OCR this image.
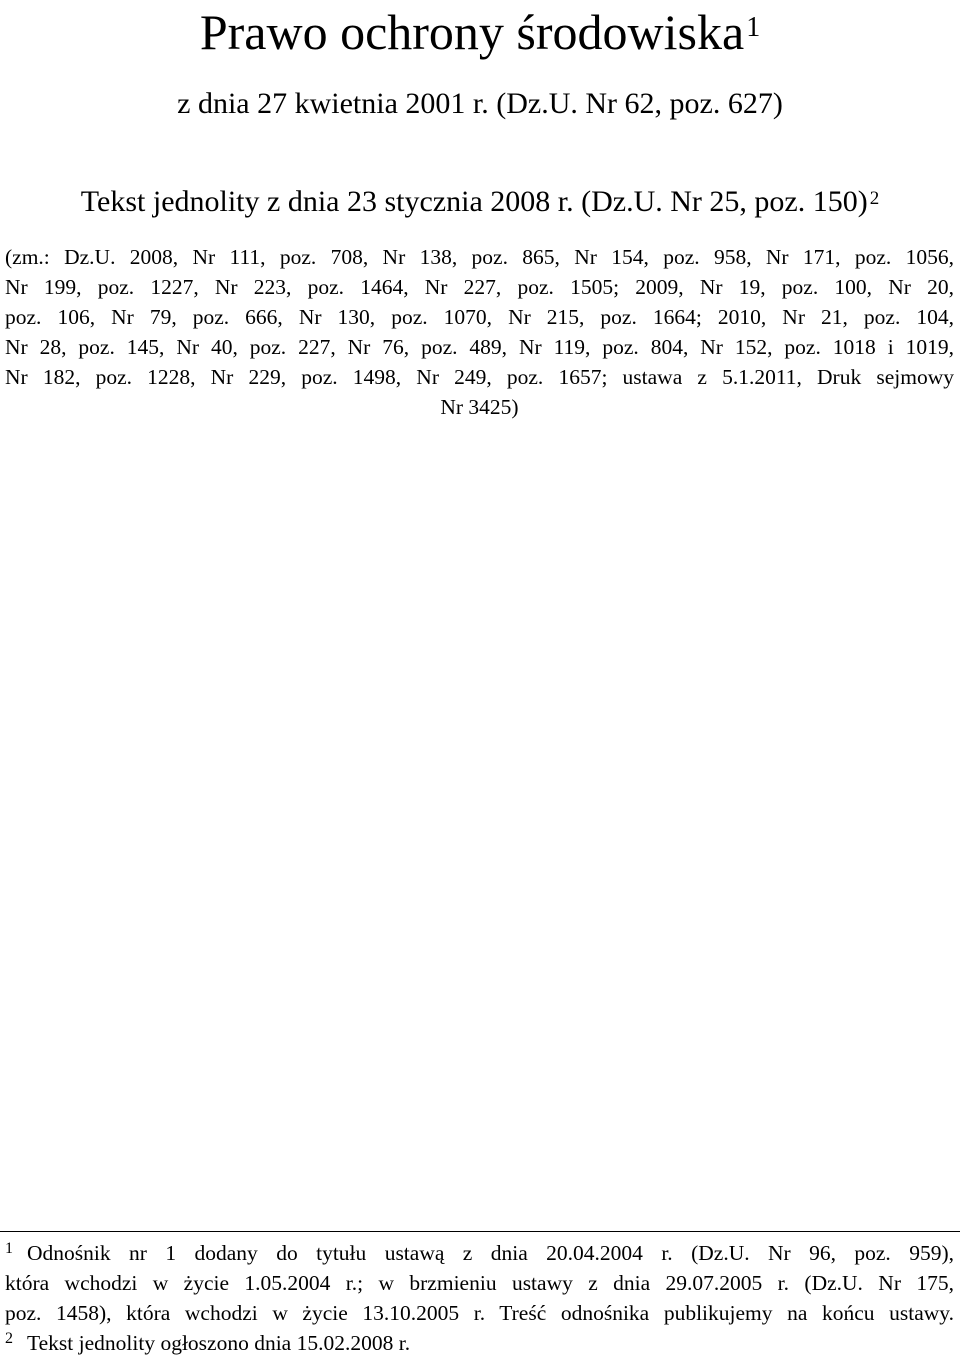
Prawo ochrony środowiska$^1$
z dnia 27 kwietnia 2001 r. (Dz.U. Nr 62, poz. 627)
Tekst jednolity z dnia 23 stycznia 2008 r. (Dz.U. Nr 25, poz. 150) $^2$
(zm.: Dz.U. 2008, Nr 111, poz. 708, Nr 138, poz. 865, Nr 154, poz. 958, Nr 171, poz. 1056,
Nr 199, poz. 1227, Nr 223, poz. 1464, Nr 227, poz. 1505; 2009, Nr 19, poz. 100, Nr 20,
poz. 106, Nr 79, poz. 666, Nr 130, poz. 1070, Nr 215, poz. 1664; 2010, Nr 21, poz. 104,
Nr 28, poz. 145, Nr 40, poz. 227, Nr 76, poz. 489, Nr 119, poz. 804, Nr 152, poz. 1018 i 1019,
Nr 182, poz. 1228, Nr 229, poz. 1498, Nr 249, poz. 1657; ustawa z 5.1.2011, Druk sejmowy
Nr 3425)
$^1$ Odnośnik nr 1 dodany do tytułu ustawą z dnia 20.04.2004 r. (Dz.U. Nr 96, poz. 959),
która wchodzi w życie 1.05.2004 r.; w brzmieniu ustawy z dnia 29.07.2005 r. (Dz.U. Nr 175,
poz. 1458), która wchodzi w życie 13.10.2005 r. Treść odnośnika publikujemy na końcu ustawy.
$^2$ Tekst jednolity ogłoszono dnia 15.02.2008 r.
